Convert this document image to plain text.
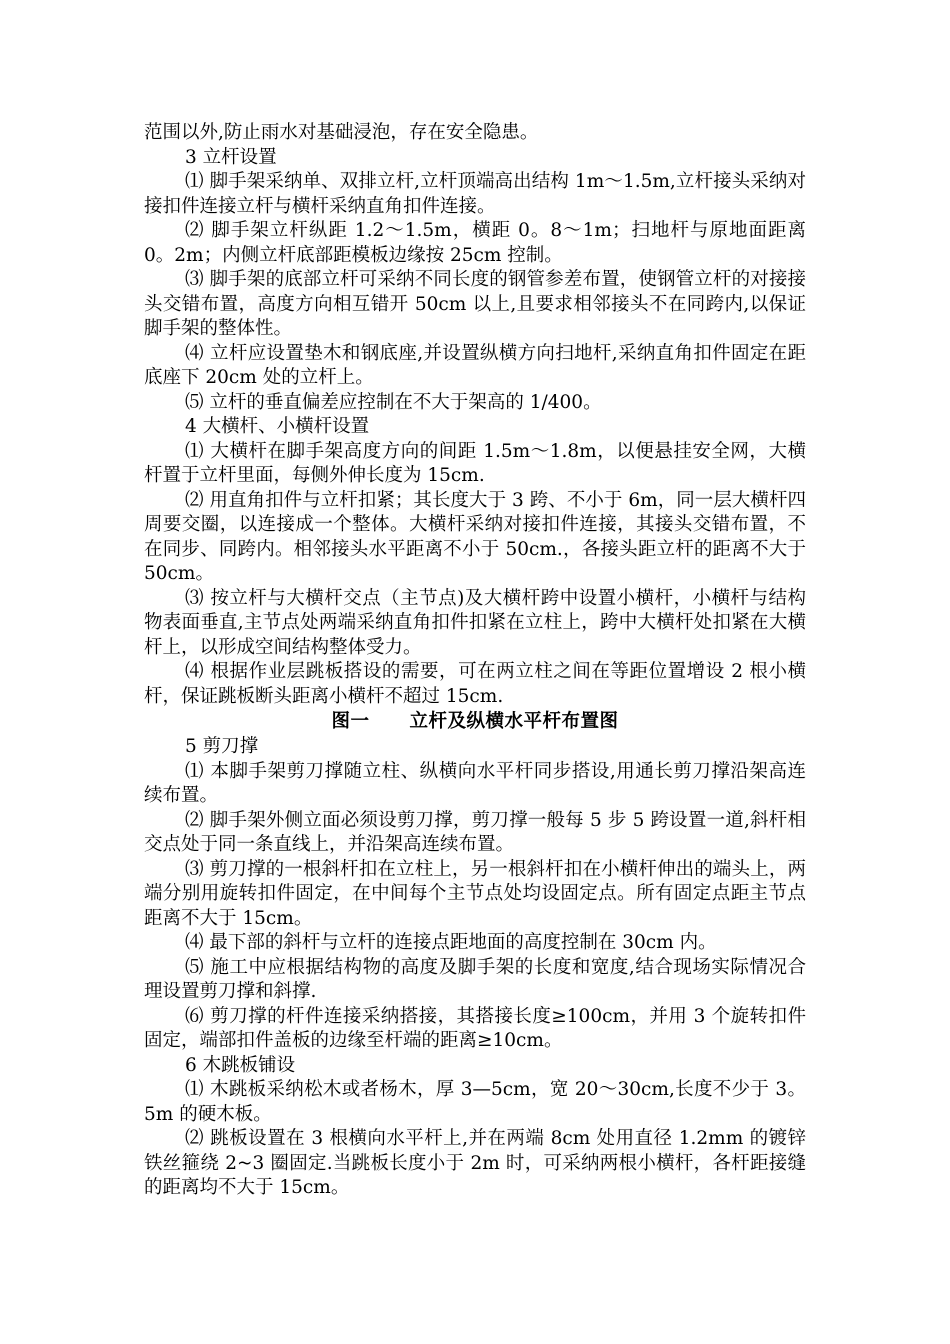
范围以外,防止雨水对基础浸泡，存在安全隐患。

3 立杆设置

⑴ 脚手架采纳单、双排立杆,立杆顶端高出结构 1m～1.5m,立杆接头采纳对接扣件连接立杆与横杆采纳直角扣件连接。

⑵ 脚手架立杆纵距 1.2～1.5m，横距 0。8～1m；扫地杆与原地面距离 0。2m；内侧立杆底部距模板边缘按 25cm 控制。

⑶ 脚手架的底部立杆可采纳不同长度的钢管参差布置，使钢管立杆的对接接头交错布置，高度方向相互错开 50cm 以上,且要求相邻接头不在同跨内,以保证脚手架的整体性。

⑷ 立杆应设置垫木和钢底座,并设置纵横方向扫地杆,采纳直角扣件固定在距底座下 20cm 处的立杆上。

⑸ 立杆的垂直偏差应控制在不大于架高的 1/400。

4 大横杆、小横杆设置

⑴ 大横杆在脚手架高度方向的间距 1.5m～1.8m，以便悬挂安全网，大横杆置于立杆里面，每侧外伸长度为 15cm.

⑵ 用直角扣件与立杆扣紧；其长度大于 3 跨、不小于 6m，同一层大横杆四周要交圈，以连接成一个整体。大横杆采纳对接扣件连接，其接头交错布置，不在同步、同跨内。相邻接头水平距离不小于 50cm.，各接头距立杆的距离不大于 50cm。

⑶ 按立杆与大横杆交点（主节点)及大横杆跨中设置小横杆，小横杆与结构物表面垂直,主节点处两端采纳直角扣件扣紧在立柱上，跨中大横杆处扣紧在大横杆上，以形成空间结构整体受力。

⑷ 根据作业层跳板搭设的需要，可在两立柱之间在等距位置增设 2 根小横杆，保证跳板断头距离小横杆不超过 15cm.

图一 立杆及纵横水平杆布置图

5 剪刀撑

⑴ 本脚手架剪刀撑随立柱、纵横向水平杆同步搭设,用通长剪刀撑沿架高连续布置。

⑵ 脚手架外侧立面必须设剪刀撑，剪刀撑一般每 5 步 5 跨设置一道,斜杆相交点处于同一条直线上，并沿架高连续布置。

⑶ 剪刀撑的一根斜杆扣在立柱上，另一根斜杆扣在小横杆伸出的端头上，两端分别用旋转扣件固定，在中间每个主节点处均设固定点。所有固定点距主节点距离不大于 15cm。

⑷ 最下部的斜杆与立杆的连接点距地面的高度控制在 30cm 内。

⑸ 施工中应根据结构物的高度及脚手架的长度和宽度,结合现场实际情况合理设置剪刀撑和斜撑.

⑹ 剪刀撑的杆件连接采纳搭接，其搭接长度≥100cm，并用 3 个旋转扣件固定，端部扣件盖板的边缘至杆端的距离≥10cm。

6 木跳板铺设

⑴ 木跳板采纳松木或者杨木，厚 3—5cm，宽 20～30cm,长度不少于 3。5m 的硬木板。

⑵ 跳板设置在 3 根横向水平杆上,并在两端 8cm 处用直径 1.2mm 的镀锌铁丝箍绕 2~3 圈固定.当跳板长度小于 2m 时，可采纳两根小横杆，各杆距接缝的距离均不大于 15cm。
